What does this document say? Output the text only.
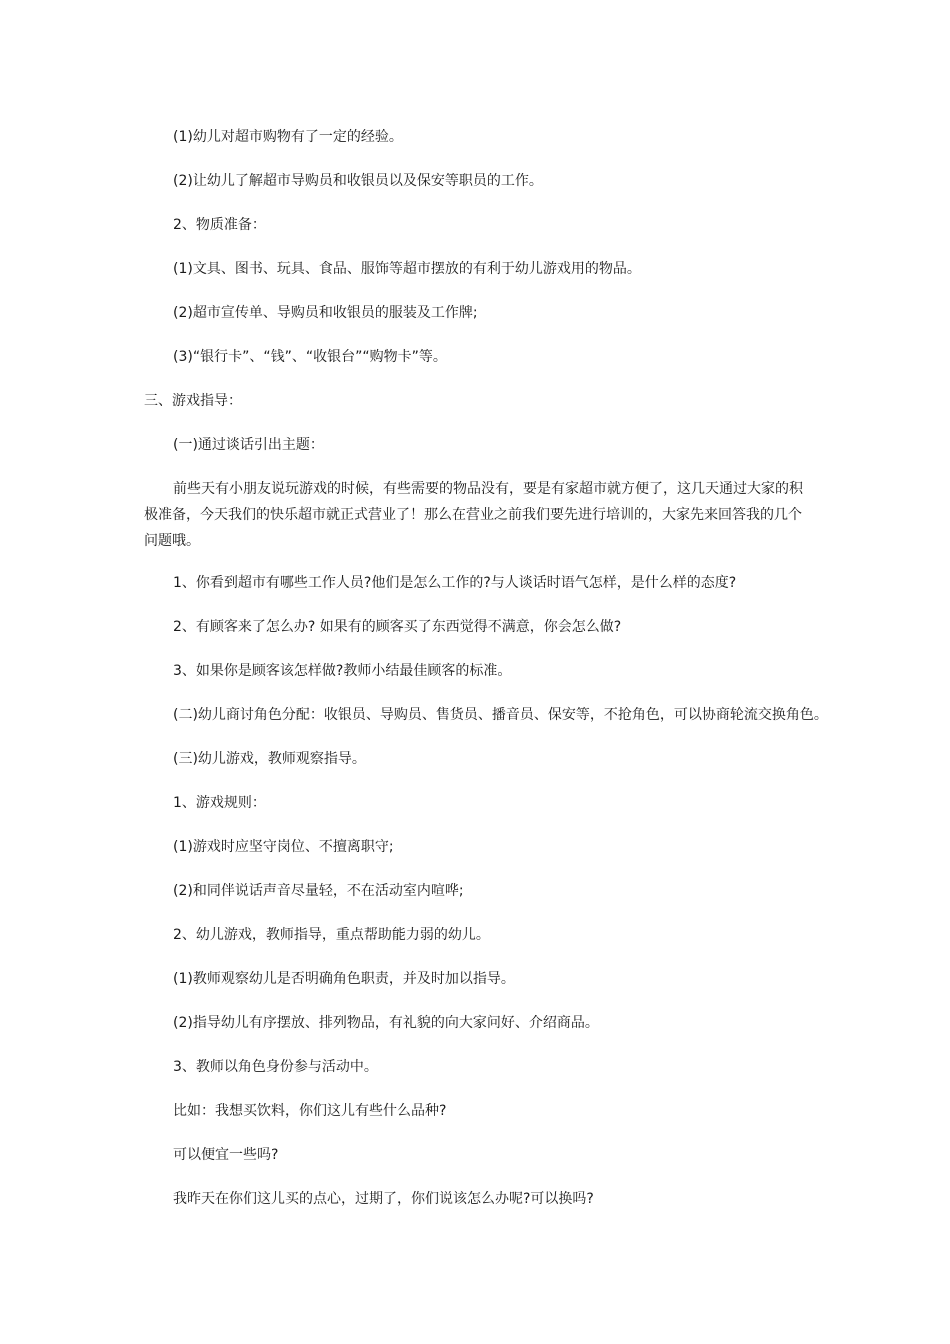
(1)幼儿对超市购物有了一定的经验。
(2)让幼儿了解超市导购员和收银员以及保安等职员的工作。
2、物质准备：
(1)文具、图书、玩具、食品、服饰等超市摆放的有利于幼儿游戏用的物品。
(2)超市宣传单、导购员和收银员的服装及工作牌;
(3)“银行卡”、“钱”、“收银台”“购物卡”等。
三、游戏指导：
(一)通过谈话引出主题：
前些天有小朋友说玩游戏的时候，有些需要的物品没有，要是有家超市就方便了，这几天通过大家的积极准备，今天我们的快乐超市就正式营业了！那么在营业之前我们要先进行培训的，大家先来回答我的几个问题哦。
1、你看到超市有哪些工作人员?他们是怎么工作的?与人谈话时语气怎样，是什么样的态度?
2、有顾客来了怎么办? 如果有的顾客买了东西觉得不满意，你会怎么做?
3、如果你是顾客该怎样做?教师小结最佳顾客的标准。
(二)幼儿商讨角色分配：收银员、导购员、售货员、播音员、保安等，不抢角色，可以协商轮流交换角色。
(三)幼儿游戏，教师观察指导。
1、游戏规则：
(1)游戏时应坚守岗位、不擅离职守;
(2)和同伴说话声音尽量轻，不在活动室内喧哗;
2、幼儿游戏，教师指导，重点帮助能力弱的幼儿。
(1)教师观察幼儿是否明确角色职责，并及时加以指导。
(2)指导幼儿有序摆放、排列物品，有礼貌的向大家问好、介绍商品。
3、教师以角色身份参与活动中。
比如：我想买饮料，你们这儿有些什么品种?
可以便宜一些吗?
我昨天在你们这儿买的点心，过期了，你们说该怎么办呢?可以换吗?
